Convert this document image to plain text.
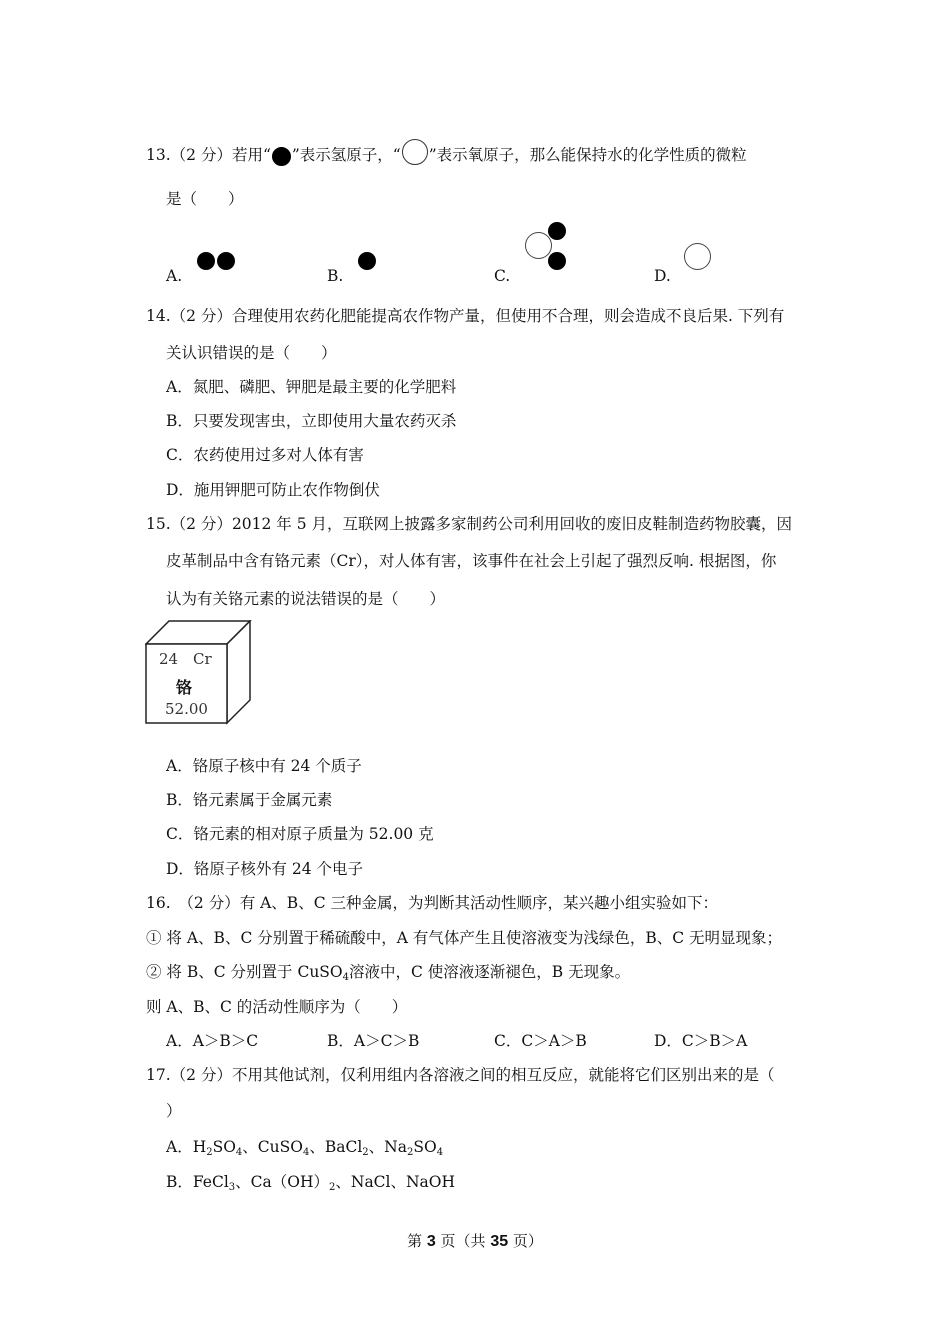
13.（2 分）若用“ ”表示氢原子，“ ”表示氧原子，那么能保持水的化学性质的微粒
是（　　）
A.	B.	C.	D.
14.（2 分）合理使用农药化肥能提高农作物产量，但使用不合理，则会造成不良后果. 下列有
关认识错误的是（　　）
A．氮肥、磷肥、钾肥是最主要的化学肥料
B．只要发现害虫，立即使用大量农药灭杀
C．农药使用过多对人体有害
D．施用钾肥可防止农作物倒伏
15.（2 分）2012 年 5 月，互联网上披露多家制药公司利用回收的废旧皮鞋制造药物胶囊，因
皮革制品中含有铬元素（Cr），对人体有害，该事件在社会上引起了强烈反响. 根据图，你
认为有关铬元素的说法错误的是（　　）
24 Cr
铬
52.00
A．铬原子核中有 24 个质子
B．铬元素属于金属元素
C．铬元素的相对原子质量为 52.00 克
D．铬原子核外有 24 个电子
16.　（2 分）有 A、B、C 三种金属，为判断其活动性顺序，某兴趣小组实验如下：
① 将 A、B、C 分别置于稀硫酸中，A 有气体产生且使溶液变为浅绿色，B、C 无明显现象；
② 将 B、C 分别置于 CuSO$_4$溶液中，C 使溶液逐渐褪色，B 无现象。
则 A、B、C 的活动性顺序为（　　）
A．A＞B＞C	B．A＞C＞B	C．C＞A＞B	D．C＞B＞A
17.（2 分）不用其他试剂，仅利用组内各溶液之间的相互反应，就能将它们区别出来的是（
）
A．$H_2SO_4$、CuSO$_4$、BaCl$_2$、$Na_2SO_4$
B．FeCl$_3$、$Ca(OH)_2$、NaCl、NaOH
第 3 页（共 35 页）
